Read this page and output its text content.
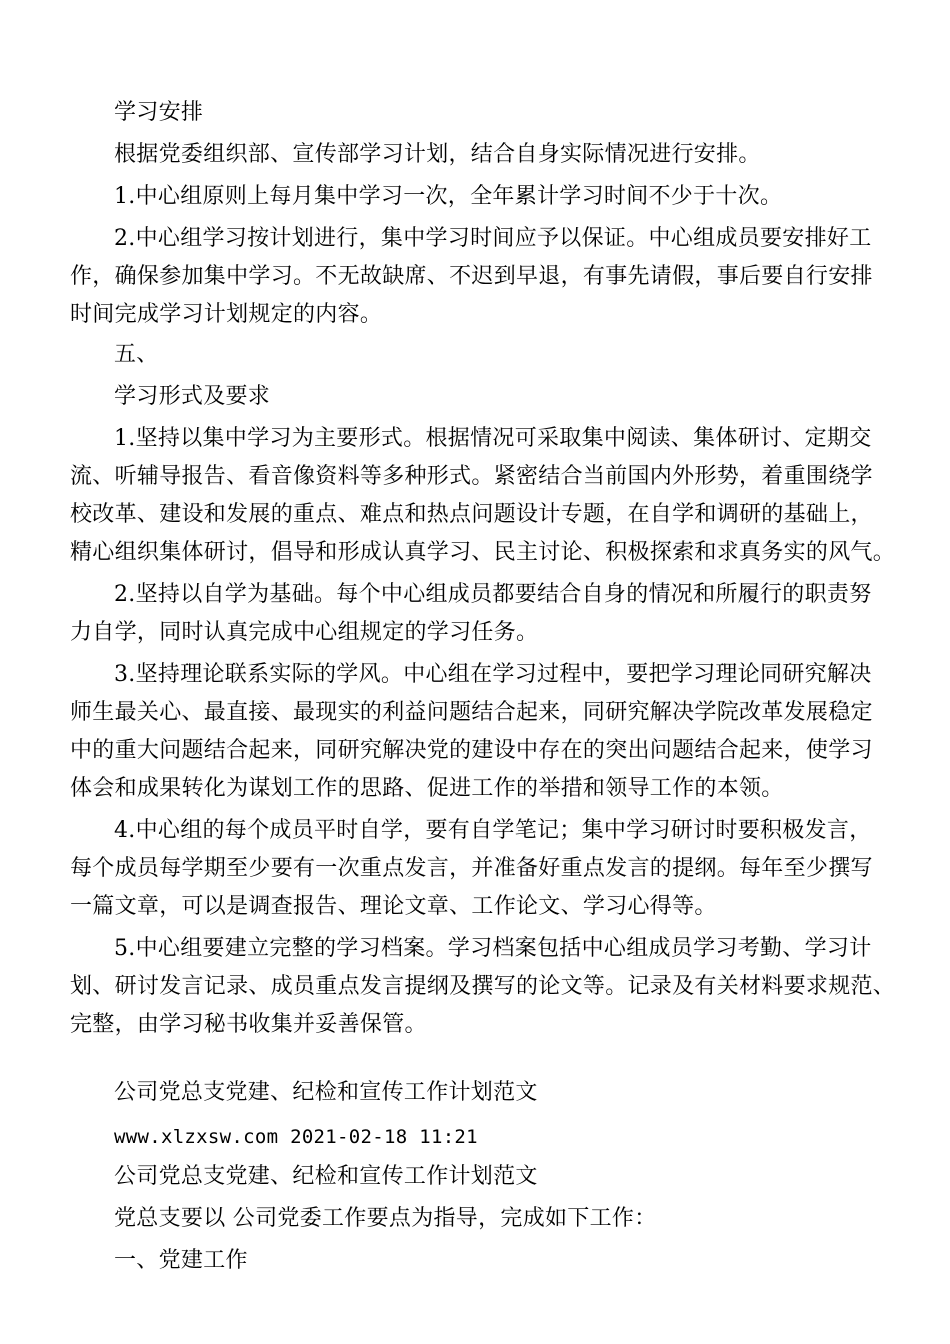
学习安排
根据党委组织部、宣传部学习计划，结合自身实际情况进行安排。
1.中心组原则上每月集中学习一次，全年累计学习时间不少于十次。
2.中心组学习按计划进行，集中学习时间应予以保证。中心组成员要安排好工
作，确保参加集中学习。不无故缺席、不迟到早退，有事先请假，事后要自行安排
时间完成学习计划规定的内容。
五、
学习形式及要求
1.坚持以集中学习为主要形式。根据情况可采取集中阅读、集体研讨、定期交
流、听辅导报告、看音像资料等多种形式。紧密结合当前国内外形势，着重围绕学
校改革、建设和发展的重点、难点和热点问题设计专题，在自学和调研的基础上，
精心组织集体研讨，倡导和形成认真学习、民主讨论、积极探索和求真务实的风气。
2.坚持以自学为基础。每个中心组成员都要结合自身的情况和所履行的职责努
力自学，同时认真完成中心组规定的学习任务。
3.坚持理论联系实际的学风。中心组在学习过程中，要把学习理论同研究解决
师生最关心、最直接、最现实的利益问题结合起来，同研究解决学院改革发展稳定
中的重大问题结合起来，同研究解决党的建设中存在的突出问题结合起来，使学习
体会和成果转化为谋划工作的思路、促进工作的举措和领导工作的本领。
4.中心组的每个成员平时自学，要有自学笔记；集中学习研讨时要积极发言，
每个成员每学期至少要有一次重点发言，并准备好重点发言的提纲。每年至少撰写
一篇文章，可以是调查报告、理论文章、工作论文、学习心得等。
5.中心组要建立完整的学习档案。学习档案包括中心组成员学习考勤、学习计
划、研讨发言记录、成员重点发言提纲及撰写的论文等。记录及有关材料要求规范、
完整，由学习秘书收集并妥善保管。
公司党总支党建、纪检和宣传工作计划范文
www.xlzxsw.com 2021-02-18 11:21
公司党总支党建、纪检和宣传工作计划范文
党总支要以 公司党委工作要点为指导，完成如下工作：
一、党建工作
